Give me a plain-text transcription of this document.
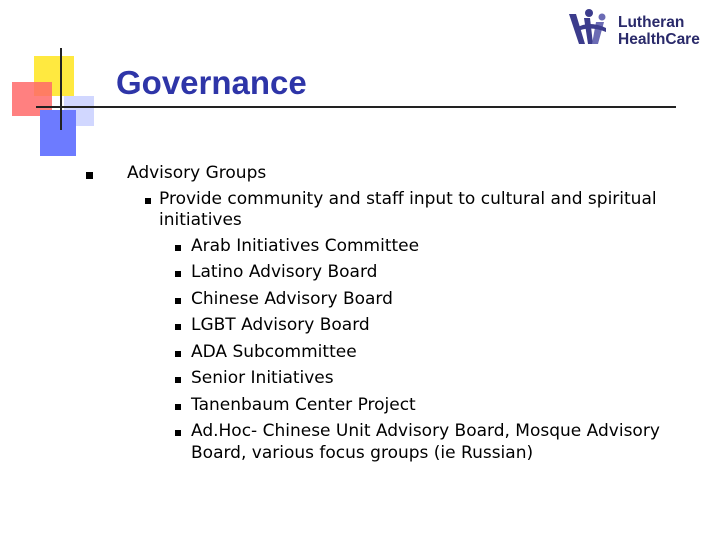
Governance
Lutheran
HealthCare
Advisory Groups
Provide community and staff input to cultural and spiritual
initiatives
Arab Initiatives Committee
Latino Advisory Board
Chinese Advisory Board
LGBT Advisory Board
ADA Subcommittee
Senior Initiatives
Tanenbaum Center Project
Ad.Hoc- Chinese Unit Advisory Board, Mosque Advisory
Board, various focus groups (ie Russian)
